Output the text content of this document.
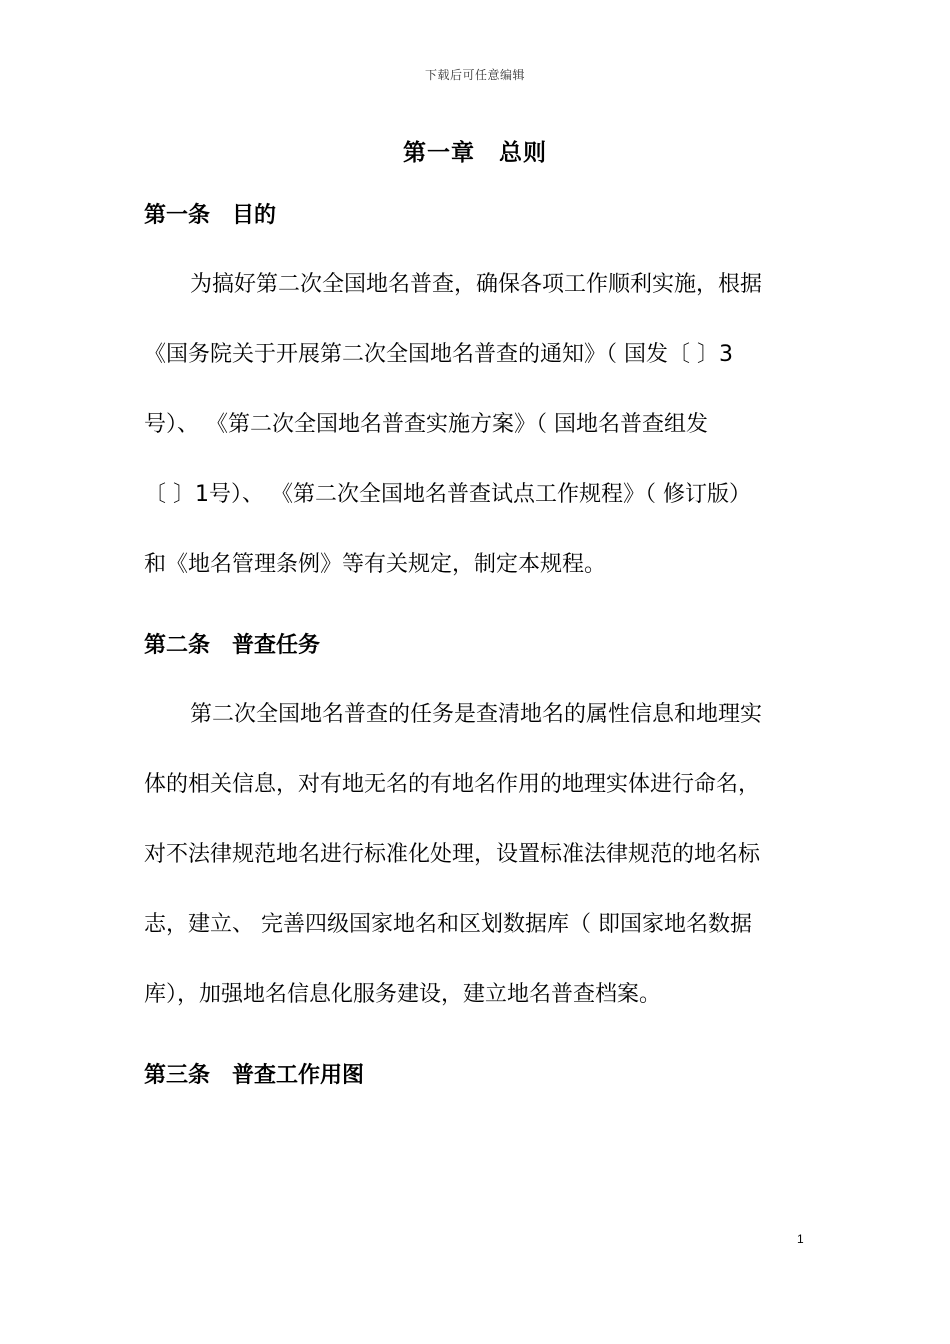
下载后可任意编辑
第一章　总则
第一条　目的
为搞好第二次全国地名普查，确保各项工作顺利实施，根据
《国务院关于开展第二次全国地名普查的通知》（ 国发〔 〕3
号）、 《第二次全国地名普查实施方案》（ 国地名普查组发
〔 〕1号）、 《第二次全国地名普查试点工作规程》（ 修订版）
和《地名管理条例》等有关规定，制定本规程。
第二条　普查任务
第二次全国地名普查的任务是查清地名的属性信息和地理实
体的相关信息，对有地无名的有地名作用的地理实体进行命名，
对不法律规范地名进行标准化处理，设置标准法律规范的地名标
志，建立、 完善四级国家地名和区划数据库（ 即国家地名数据
库），加强地名信息化服务建设，建立地名普查档案。
第三条　普查工作用图
1
